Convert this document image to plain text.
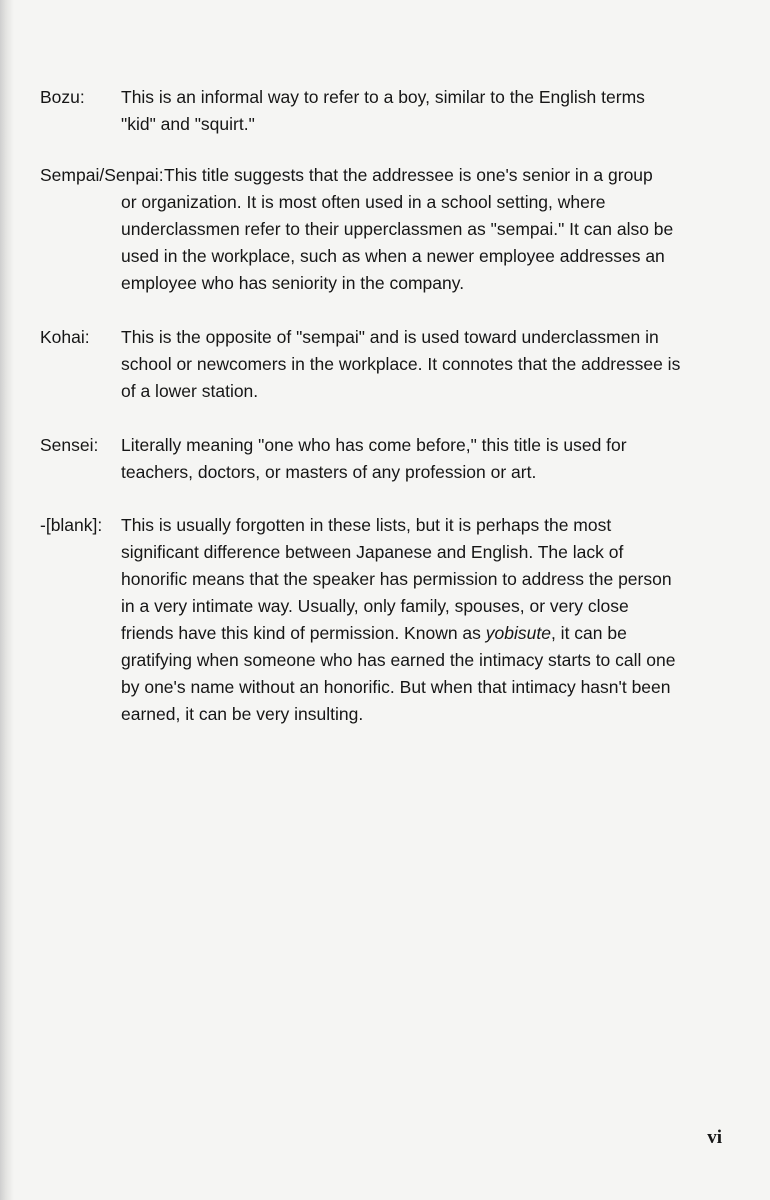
Bozu: This is an informal way to refer to a boy, similar to the English terms
"kid" and "squirt."
Sempai/Senpai: This title suggests that the addressee is one's senior in a group
or organization. It is most often used in a school setting, where
underclassmen refer to their upperclassmen as "sempai." It can also be
used in the workplace, such as when a newer employee addresses an
employee who has seniority in the company.
Kohai: This is the opposite of "sempai" and is used toward underclassmen in
school or newcomers in the workplace. It connotes that the addressee is
of a lower station.
Sensei: Literally meaning "one who has come before," this title is used for
teachers, doctors, or masters of any profession or art.
-[blank]: This is usually forgotten in these lists, but it is perhaps the most
significant difference between Japanese and English. The lack of
honorific means that the speaker has permission to address the person
in a very intimate way. Usually, only family, spouses, or very close
friends have this kind of permission. Known as yobisute, it can be
gratifying when someone who has earned the intimacy starts to call one
by one's name without an honorific. But when that intimacy hasn't been
earned, it can be very insulting.
vi
